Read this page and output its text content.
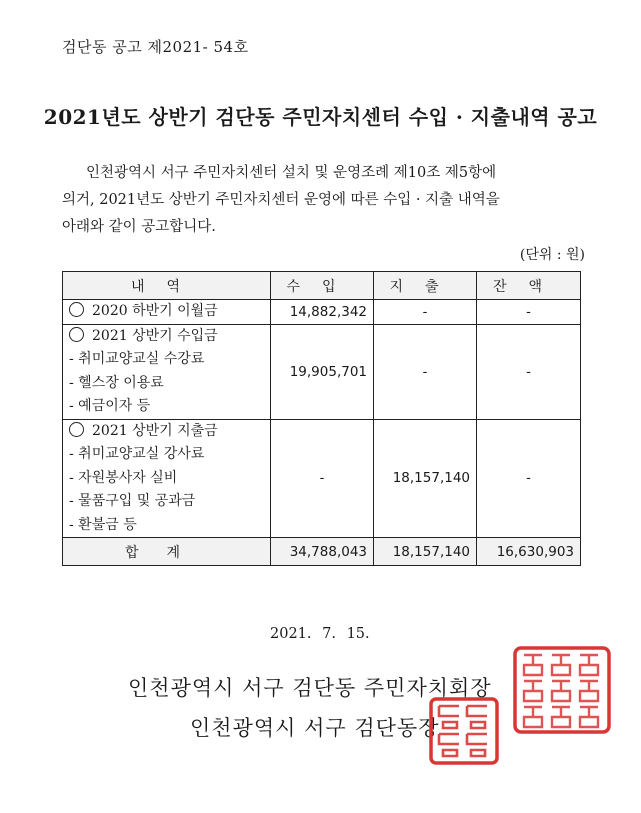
검단동 공고 제2021- 54호
2021년도 상반기 검단동 주민자치센터 수입 · 지출내역 공고

인천광역시 서구 주민자치센터 설치 및 운영조례 제10조 제5항에

의거, 2021년도 상반기 주민자치센터 운영에 따른 수입 · 지출 내역을

아래와 같이 공고합니다.

(단위 : 원)
내역	수입	지출	잔액

2020 하반기 이월금	14,882,342	-	-

2021 상반기 수입금
- 취미교양교실 수강료
- 헬스장 이용료
- 예금이자 등	19,905,701	-	-

2021 상반기 지출금
- 취미교양교실 강사료
- 자원봉사자 실비
- 물품구입 및 공과금
- 환불금 등	-	18,157,140	-
합계	34,788,043	18,157,140	16,630,903
2021. 7. 15.
인천광역시 서구 검단동 주민자치회장
인천광역시 서구 검단동장
